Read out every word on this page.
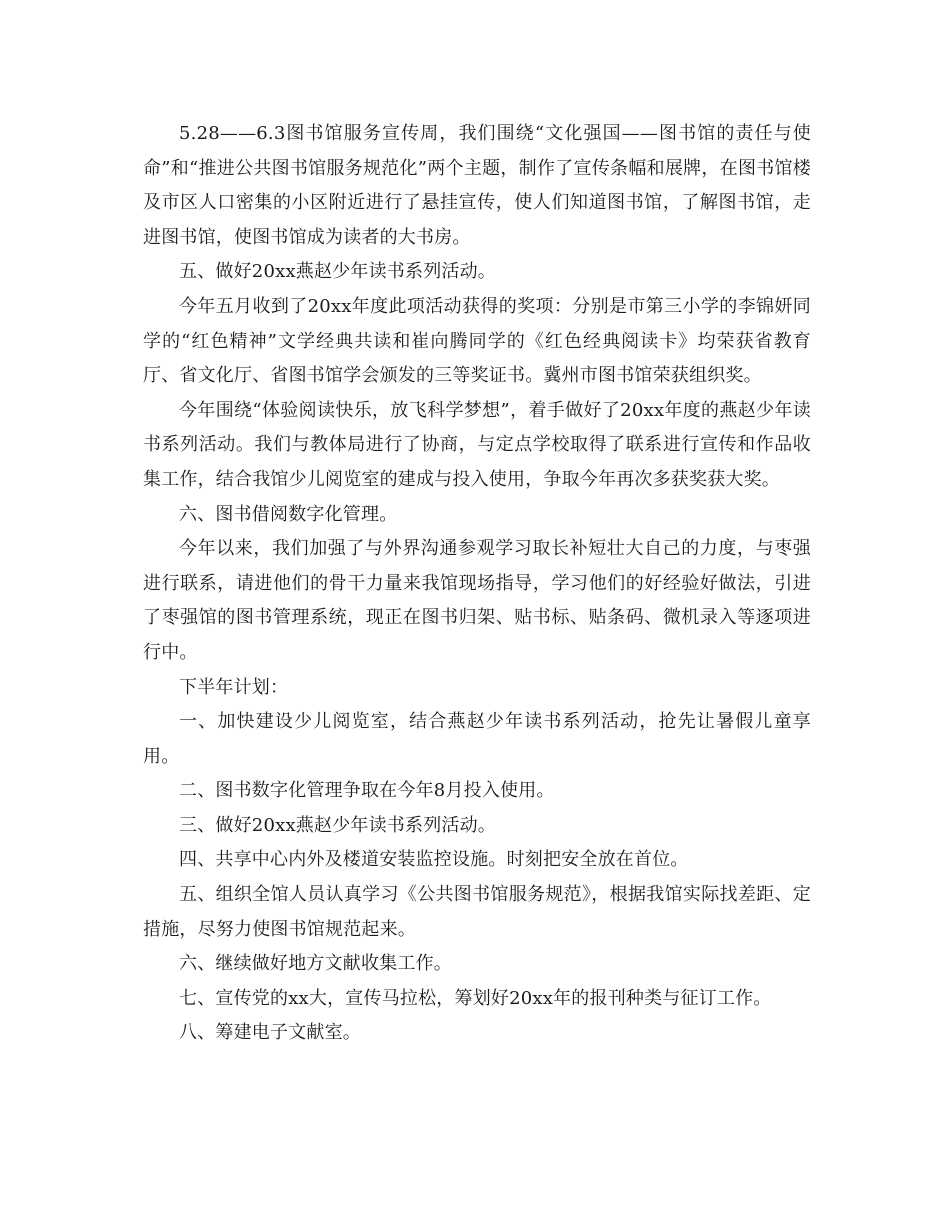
5.28——6.3图书馆服务宣传周，我们围绕“文化强国——图书馆的责任与使命”和“推进公共图书馆服务规范化”两个主题，制作了宣传条幅和展牌，在图书馆楼及市区人口密集的小区附近进行了悬挂宣传，使人们知道图书馆，了解图书馆，走进图书馆，使图书馆成为读者的大书房。

五、做好20xx燕赵少年读书系列活动。

今年五月收到了20xx年度此项活动获得的奖项：分别是市第三小学的李锦妍同学的“红色精神”文学经典共读和崔向腾同学的《红色经典阅读卡》均荣获省教育厅、省文化厅、省图书馆学会颁发的三等奖证书。冀州市图书馆荣获组织奖。

今年围绕“体验阅读快乐，放飞科学梦想”，着手做好了20xx年度的燕赵少年读书系列活动。我们与教体局进行了协商，与定点学校取得了联系进行宣传和作品收集工作，结合我馆少儿阅览室的建成与投入使用，争取今年再次多获奖获大奖。

六、图书借阅数字化管理。

今年以来，我们加强了与外界沟通参观学习取长补短壮大自己的力度，与枣强进行联系，请进他们的骨干力量来我馆现场指导，学习他们的好经验好做法，引进了枣强馆的图书管理系统，现正在图书归架、贴书标、贴条码、微机录入等逐项进行中。

下半年计划：

一、加快建设少儿阅览室，结合燕赵少年读书系列活动，抢先让暑假儿童享用。

二、图书数字化管理争取在今年8月投入使用。

三、做好20xx燕赵少年读书系列活动。

四、共享中心内外及楼道安装监控设施。时刻把安全放在首位。

五、组织全馆人员认真学习《公共图书馆服务规范》，根据我馆实际找差距、定措施，尽努力使图书馆规范起来。

六、继续做好地方文献收集工作。

七、宣传党的xx大，宣传马拉松，筹划好20xx年的报刊种类与征订工作。

八、筹建电子文献室。
